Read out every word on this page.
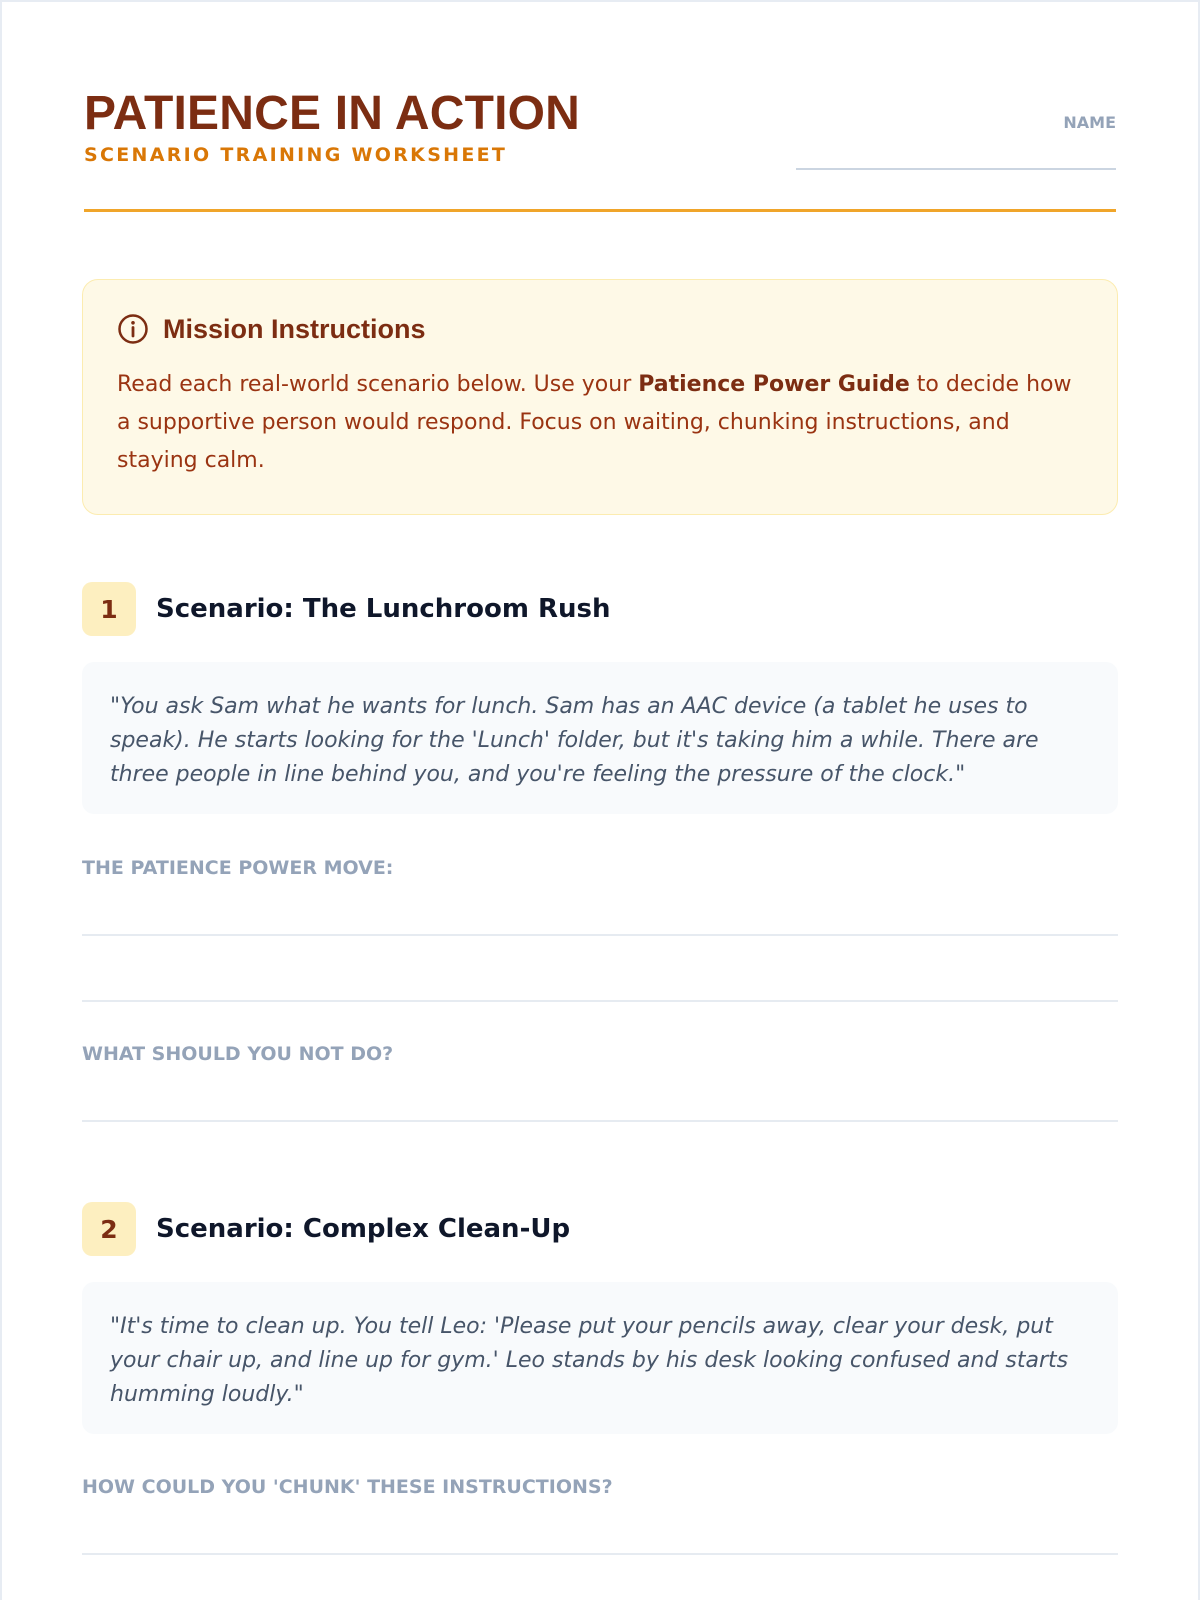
PATIENCE IN ACTION
SCENARIO TRAINING WORKSHEET
NAME
Mission Instructions
Read each real-world scenario below. Use your Patience Power Guide to decide how a supportive person would respond. Focus on waiting, chunking instructions, and staying calm.
1	Scenario: The Lunchroom Rush
"You ask Sam what he wants for lunch. Sam has an AAC device (a tablet he uses to speak). He starts looking for the 'Lunch' folder, but it's taking him a while. There are three people in line behind you, and you're feeling the pressure of the clock."
THE PATIENCE POWER MOVE:
WHAT SHOULD YOU NOT DO?
2	Scenario: Complex Clean-Up
"It's time to clean up. You tell Leo: 'Please put your pencils away, clear your desk, put your chair up, and line up for gym.' Leo stands by his desk looking confused and starts humming loudly."
HOW COULD YOU 'CHUNK' THESE INSTRUCTIONS?
